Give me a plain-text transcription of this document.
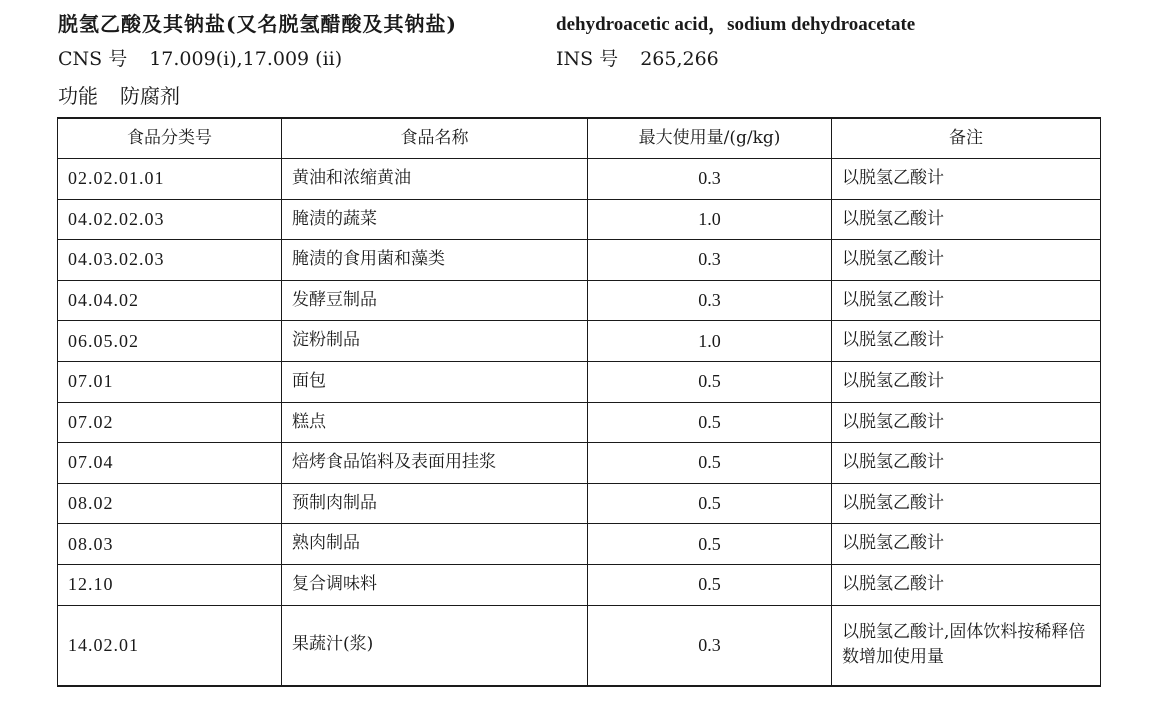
脱氢乙酸及其钠盐(又名脱氢醋酸及其钠盐)	dehydroacetic acid，sodium dehydroacetate
CNS 号 17.009(i),17.009 (ii)	INS 号 265,266
功能 防腐剂
食品分类号	食品名称	最大使用量/(g/kg)	备注
02.02.01.01	黄油和浓缩黄油	0.3	以脱氢乙酸计
04.02.02.03	腌渍的蔬菜	1.0	以脱氢乙酸计
04.03.02.03	腌渍的食用菌和藻类	0.3	以脱氢乙酸计
04.04.02	发酵豆制品	0.3	以脱氢乙酸计
06.05.02	淀粉制品	1.0	以脱氢乙酸计
07.01	面包	0.5	以脱氢乙酸计
07.02	糕点	0.5	以脱氢乙酸计
07.04	焙烤食品馅料及表面用挂浆	0.5	以脱氢乙酸计
08.02	预制肉制品	0.5	以脱氢乙酸计
08.03	熟肉制品	0.5	以脱氢乙酸计
12.10	复合调味料	0.5	以脱氢乙酸计
14.02.01	果蔬汁(浆)	0.3	以脱氢乙酸计,固体饮料按稀释倍数增加使用量
